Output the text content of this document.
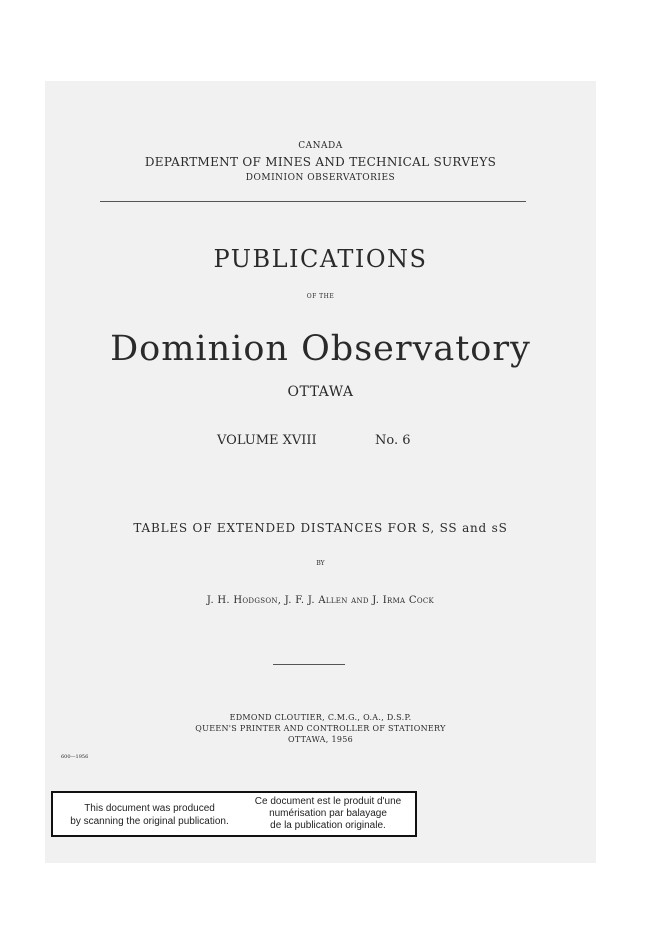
CANADA
DEPARTMENT OF MINES AND TECHNICAL SURVEYS
DOMINION OBSERVATORIES
PUBLICATIONS
OF THE
Dominion Observatory
OTTAWA
VOLUME XVIII	No. 6
TABLES OF EXTENDED DISTANCES FOR S, SS and sS
BY
J. H. Hodgson, J. F. J. Allen and J. Irma Cock
EDMOND CLOUTIER, C.M.G., O.A., D.S.P.
QUEEN'S PRINTER AND CONTROLLER OF STATIONERY
OTTAWA, 1956
600—1956
This document was produced
by scanning the original publication.
Ce document est le produit d'une
numérisation par balayage
de la publication originale.
